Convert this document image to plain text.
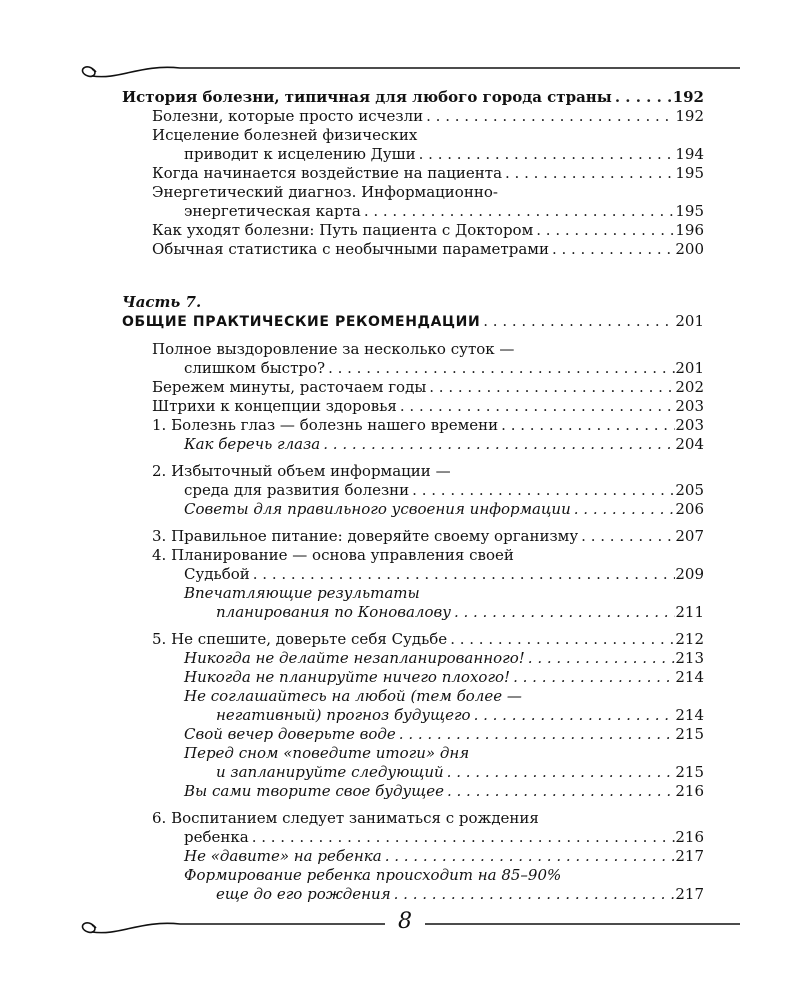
История болезни, типичная для любого города страны . . .	192
Болезни, которые просто исчезли . . .	192
Исцеление болезней физических
приводит к исцелению Души . . .	194
Когда начинается воздействие на пациента . . .	195
Энергетический диагноз. Информационно-
энергетическая карта . . .	195
Как уходят болезни: Путь пациента с Доктором . . .	196
Обычная статистика с необычными параметрами . . .	200
Часть 7.
ОБЩИЕ ПРАКТИЧЕСКИЕ РЕКОМЕНДАЦИИ . . .	201
Полное выздоровление за несколько суток —
слишком быстро? . . .	201
Бережем минуты, расточаем годы . . .	202
Штрихи к концепции здоровья . . .	203
1. Болезнь глаз — болезнь нашего времени . . .	203
Как беречь глаза . . .	204
2. Избыточный объем информации —
среда для развития болезни . . .	205
Советы для правильного усвоения информации . . .	206
3. Правильное питание: доверяйте своему организму . . .	207
4. Планирование — основа управления своей
Судьбой . . .	209
Впечатляющие результаты
планирования по Коновалову . . .	211
5. Не спешите, доверьте себя Судьбе . . .	212
Никогда не делайте незапланированного! . . .	213
Никогда не планируйте ничего плохого! . . .	214
Не соглашайтесь на любой (тем более —
негативный) прогноз будущего . . .	214
Свой вечер доверьте воде . . .	215
Перед сном «поведите итоги» дня
и запланируйте следующий . . .	215
Вы сами творите свое будущее . . .	216
6. Воспитанием следует заниматься с рождения
ребенка . . .	216
Не «давите» на ребенка . . .	217
Формирование ребенка происходит на 85–90%
еще до его рождения . . .	217
8
